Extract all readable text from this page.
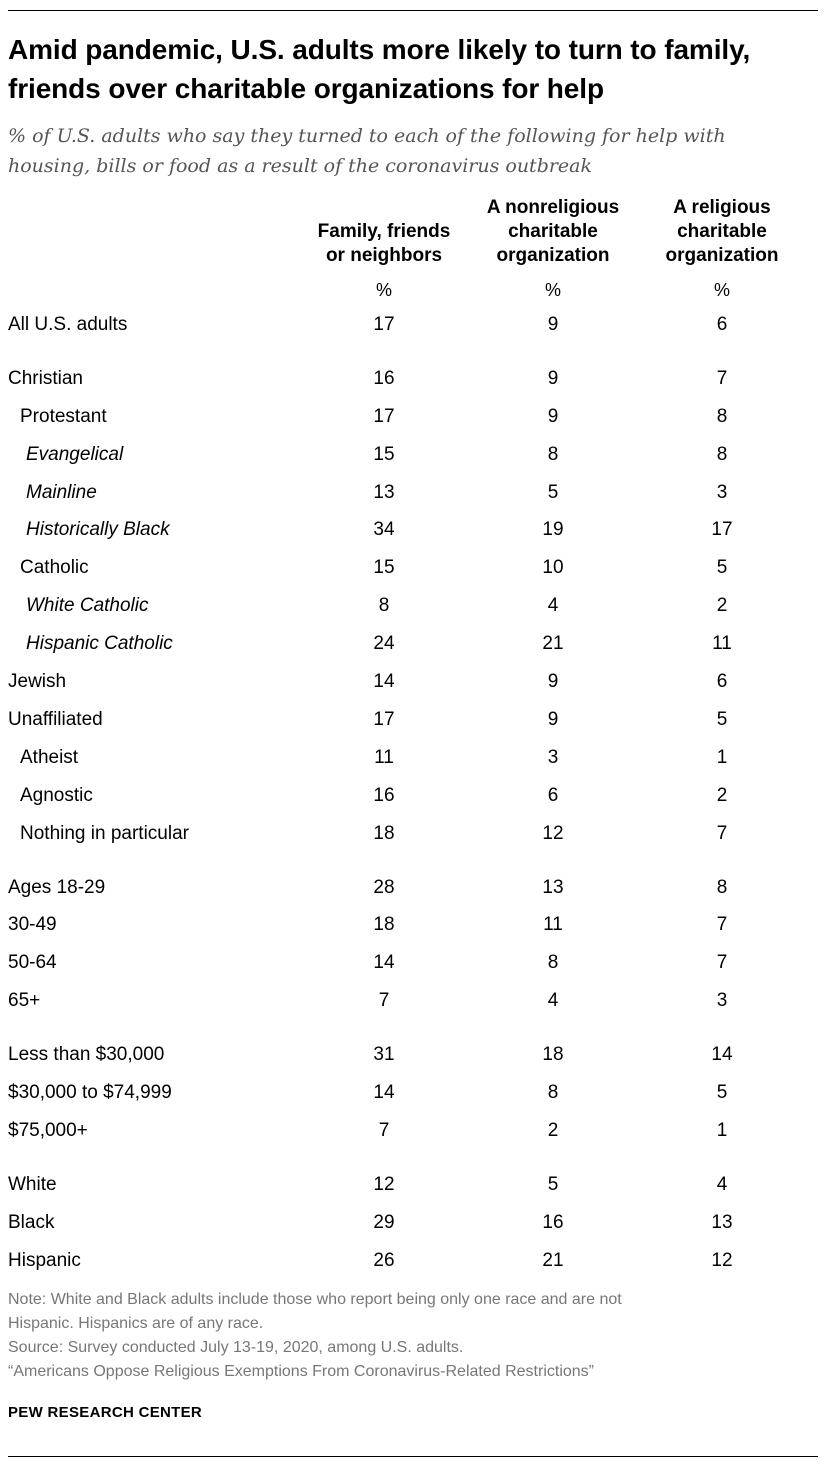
Amid pandemic, U.S. adults more likely to turn to family, friends over charitable organizations for help
% of U.S. adults who say they turned to each of the following for help with housing, bills or food as a result of the coronavirus outbreak
Family, friends
or neighbors
%
A nonreligious
charitable
organization
%
A religious
charitable
organization
%
All U.S. adults	17	9	6
Christian	16	9	7
Protestant	17	9	8
Evangelical	15	8	8
Mainline	13	5	3
Historically Black	34	19	17
Catholic	15	10	5
White Catholic	8	4	2
Hispanic Catholic	24	21	11
Jewish	14	9	6
Unaffiliated	17	9	5
Atheist	11	3	1
Agnostic	16	6	2
Nothing in particular	18	12	7
Ages 18-29	28	13	8
30-49	18	11	7
50-64	14	8	7
65+	7	4	3
Less than $30,000	31	18	14
$30,000 to $74,999	14	8	5
$75,000+	7	2	1
White	12	5	4
Black	29	16	13
Hispanic	26	21	12
Note: White and Black adults include those who report being only one race and are not
Hispanic. Hispanics are of any race.
Source: Survey conducted July 13-19, 2020, among U.S. adults.
“Americans Oppose Religious Exemptions From Coronavirus-Related Restrictions”
PEW RESEARCH CENTER
